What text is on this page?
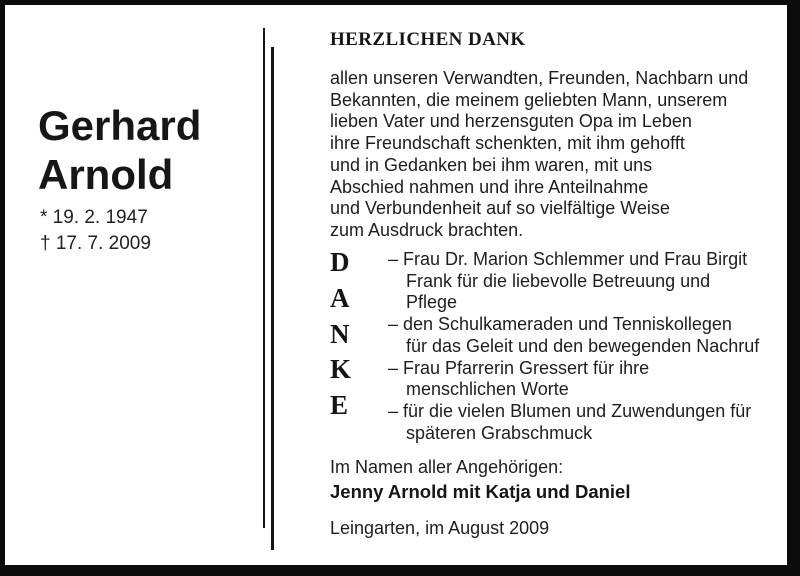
Gerhard
Arnold
* 19. 2. 1947
† 17. 7. 2009
HERZLICHEN DANK
allen unseren Verwandten, Freunden, Nachbarn und
Bekannten, die meinem geliebten Mann, unserem
lieben Vater und herzensguten Opa im Leben
ihre Freundschaft schenkten, mit ihm gehofft
und in Gedanken bei ihm waren, mit uns
Abschied nahmen und ihre Anteilnahme
und Verbundenheit auf so vielfältige Weise
zum Ausdruck brachten.
D
A
N
K
E
– Frau Dr. Marion Schlemmer und Frau Birgit
Frank für die liebevolle Betreuung und
Pflege
– den Schulkameraden und Tenniskollegen
für das Geleit und den bewegenden Nachruf
– Frau Pfarrerin Gressert für ihre
menschlichen Worte
– für die vielen Blumen und Zuwendungen für
späteren Grabschmuck
Im Namen aller Angehörigen:
Jenny Arnold mit Katja und Daniel
Leingarten, im August 2009
